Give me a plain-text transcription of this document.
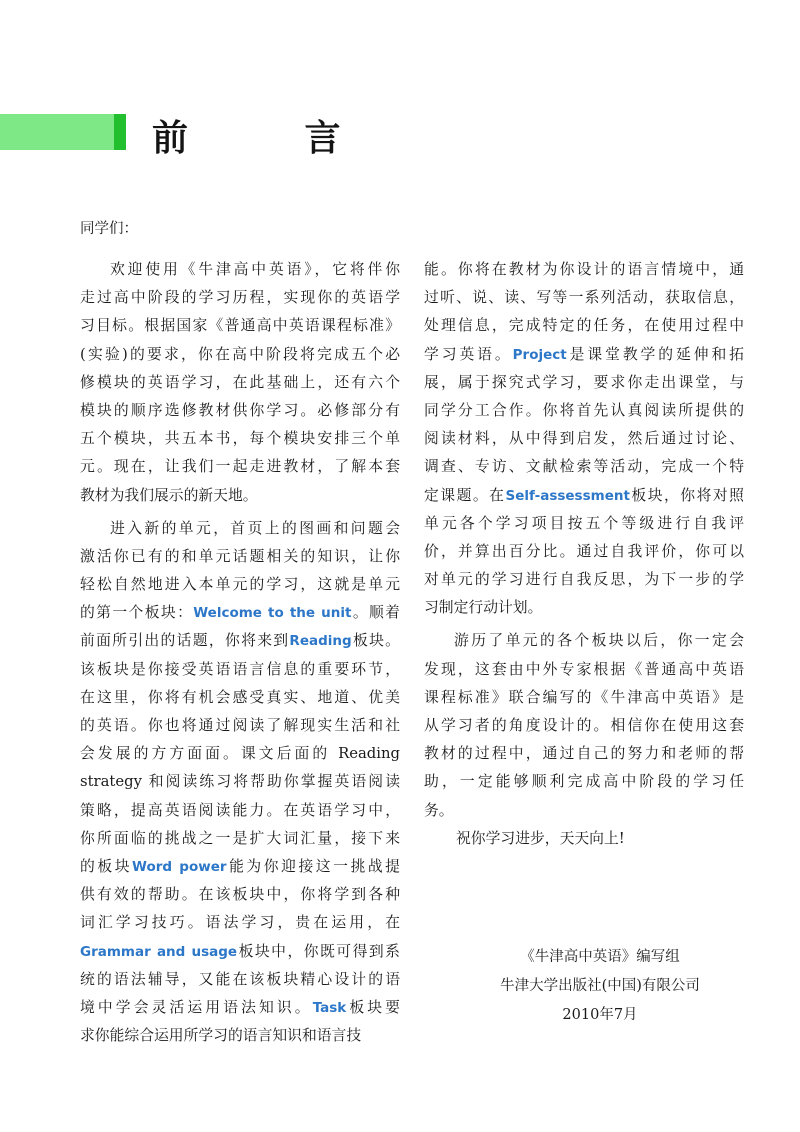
前 言
同学们：
欢迎使用《牛津高中英语》，它将伴你
走过高中阶段的学习历程，实现你的英语学
习目标。根据国家《普通高中英语课程标准》
(实验)的要求，你在高中阶段将完成五个必
修模块的英语学习，在此基础上，还有六个
模块的顺序选修教材供你学习。必修部分有
五个模块，共五本书，每个模块安排三个单
元。现在，让我们一起走进教材，了解本套
教材为我们展示的新天地。
进入新的单元，首页上的图画和问题会
激活你已有的和单元话题相关的知识，让你
轻松自然地进入本单元的学习，这就是单元
的第一个板块：Welcome to the unit。顺着
前面所引出的话题，你将来到Reading板块。
该板块是你接受英语语言信息的重要环节，
在这里，你将有机会感受真实、地道、优美
的英语。你也将通过阅读了解现实生活和社
会发展的方方面面。课文后面的 Reading
strategy 和阅读练习将帮助你掌握英语阅读
策略，提高英语阅读能力。在英语学习中，
你所面临的挑战之一是扩大词汇量，接下来
的板块Word power能为你迎接这一挑战提
供有效的帮助。在该板块中，你将学到各种
词汇学习技巧。语法学习，贵在运用，在
Grammar and usage板块中，你既可得到系
统的语法辅导，又能在该板块精心设计的语
境中学会灵活运用语法知识。Task板块要
求你能综合运用所学习的语言知识和语言技
能。你将在教材为你设计的语言情境中，通
过听、说、读、写等一系列活动，获取信息，
处理信息，完成特定的任务，在使用过程中
学习英语。Project是课堂教学的延伸和拓
展，属于探究式学习，要求你走出课堂，与
同学分工合作。你将首先认真阅读所提供的
阅读材料，从中得到启发，然后通过讨论、
调查、专访、文献检索等活动，完成一个特
定课题。在Self-assessment板块，你将对照
单元各个学习项目按五个等级进行自我评
价，并算出百分比。通过自我评价，你可以
对单元的学习进行自我反思，为下一步的学
习制定行动计划。
游历了单元的各个板块以后，你一定会
发现，这套由中外专家根据《普通高中英语
课程标准》联合编写的《牛津高中英语》是
从学习者的角度设计的。相信你在使用这套
教材的过程中，通过自己的努力和老师的帮
助，一定能够顺利完成高中阶段的学习任
务。
祝你学习进步，天天向上!
《牛津高中英语》编写组
牛津大学出版社(中国)有限公司
2010年7月
